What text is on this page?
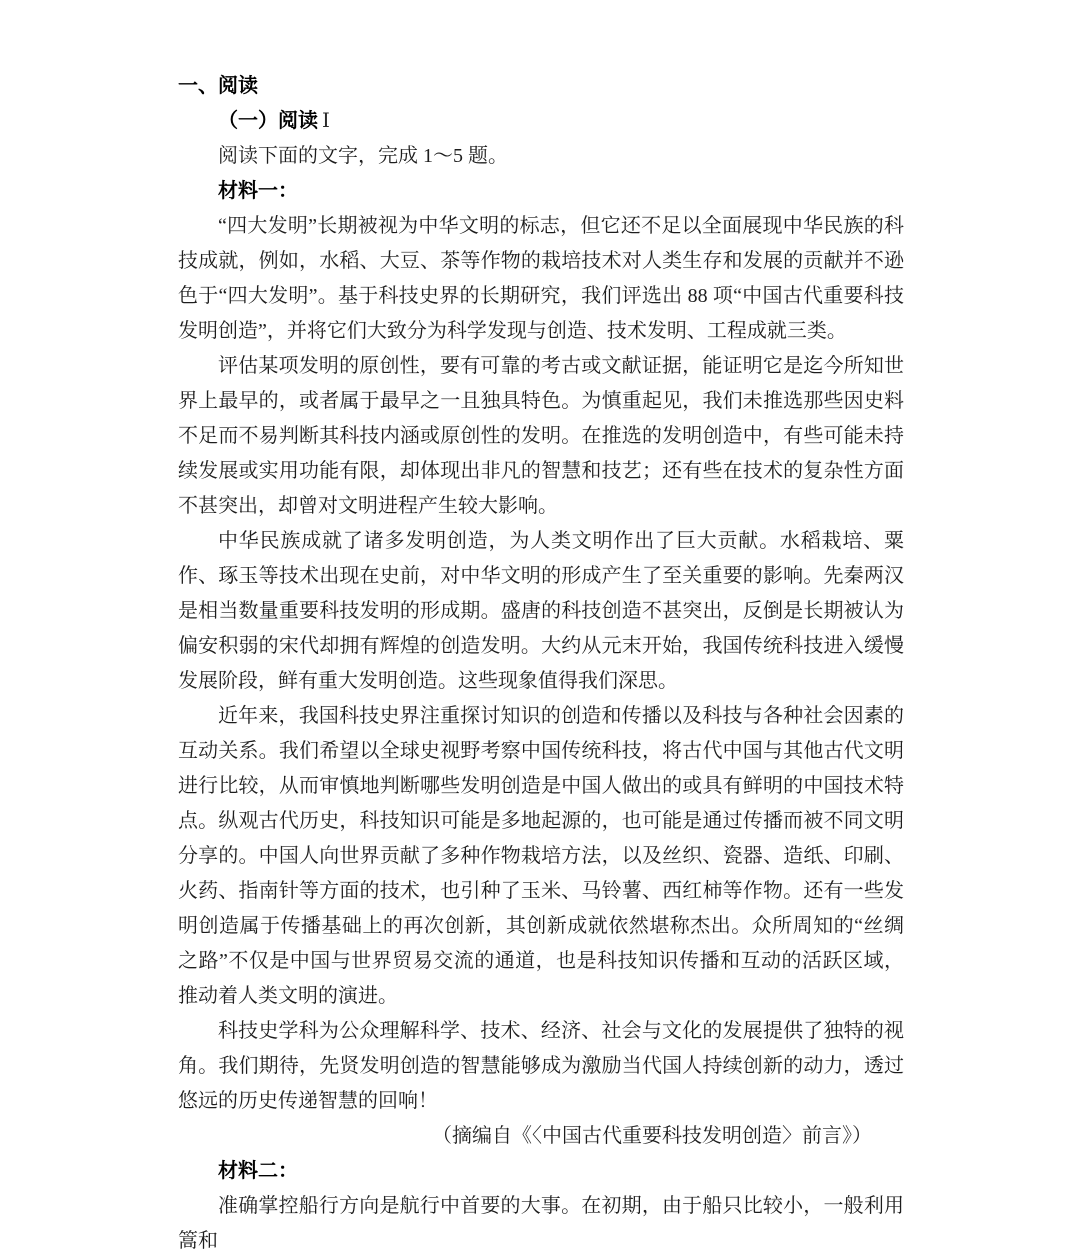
一、阅读
（一）阅读 Ⅰ
阅读下面的文字，完成 1～5 题。
材料一：

“四大发明”长期被视为中华文明的标志，但它还不足以全面展现中华民族的科技成就，例如，水稻、大豆、茶等作物的栽培技术对人类生存和发展的贡献并不逊色于“四大发明”。基于科技史界的长期研究，我们评选出 88 项“中国古代重要科技发明创造”，并将它们大致分为科学发现与创造、技术发明、工程成就三类。

评估某项发明的原创性，要有可靠的考古或文献证据，能证明它是迄今所知世界上最早的，或者属于最早之一且独具特色。为慎重起见，我们未推选那些因史料不足而不易判断其科技内涵或原创性的发明。在推选的发明创造中，有些可能未持续发展或实用功能有限，却体现出非凡的智慧和技艺；还有些在技术的复杂性方面不甚突出，却曾对文明进程产生较大影响。

中华民族成就了诸多发明创造，为人类文明作出了巨大贡献。水稻栽培、粟作、琢玉等技术出现在史前，对中华文明的形成产生了至关重要的影响。先秦两汉是相当数量重要科技发明的形成期。盛唐的科技创造不甚突出，反倒是长期被认为偏安积弱的宋代却拥有辉煌的创造发明。大约从元末开始，我国传统科技进入缓慢发展阶段，鲜有重大发明创造。这些现象值得我们深思。

近年来，我国科技史界注重探讨知识的创造和传播以及科技与各种社会因素的互动关系。我们希望以全球史视野考察中国传统科技，将古代中国与其他古代文明进行比较，从而审慎地判断哪些发明创造是中国人做出的或具有鲜明的中国技术特点。纵观古代历史，科技知识可能是多地起源的，也可能是通过传播而被不同文明分享的。中国人向世界贡献了多种作物栽培方法，以及丝织、瓷器、造纸、印刷、火药、指南针等方面的技术，也引种了玉米、马铃薯、西红柿等作物。还有一些发明创造属于传播基础上的再次创新，其创新成就依然堪称杰出。众所周知的“丝绸之路”不仅是中国与世界贸易交流的通道，也是科技知识传播和互动的活跃区域，推动着人类文明的演进。

科技史学科为公众理解科学、技术、经济、社会与文化的发展提供了独特的视角。我们期待，先贤发明创造的智慧能够成为激励当代国人持续创新的动力，透过悠远的历史传递智慧的回响！

（摘编自《〈中国古代重要科技发明创造〉前言》）
材料二：

准确掌控船行方向是航行中首要的大事。在初期，由于船只比较小，一般利用篙和
